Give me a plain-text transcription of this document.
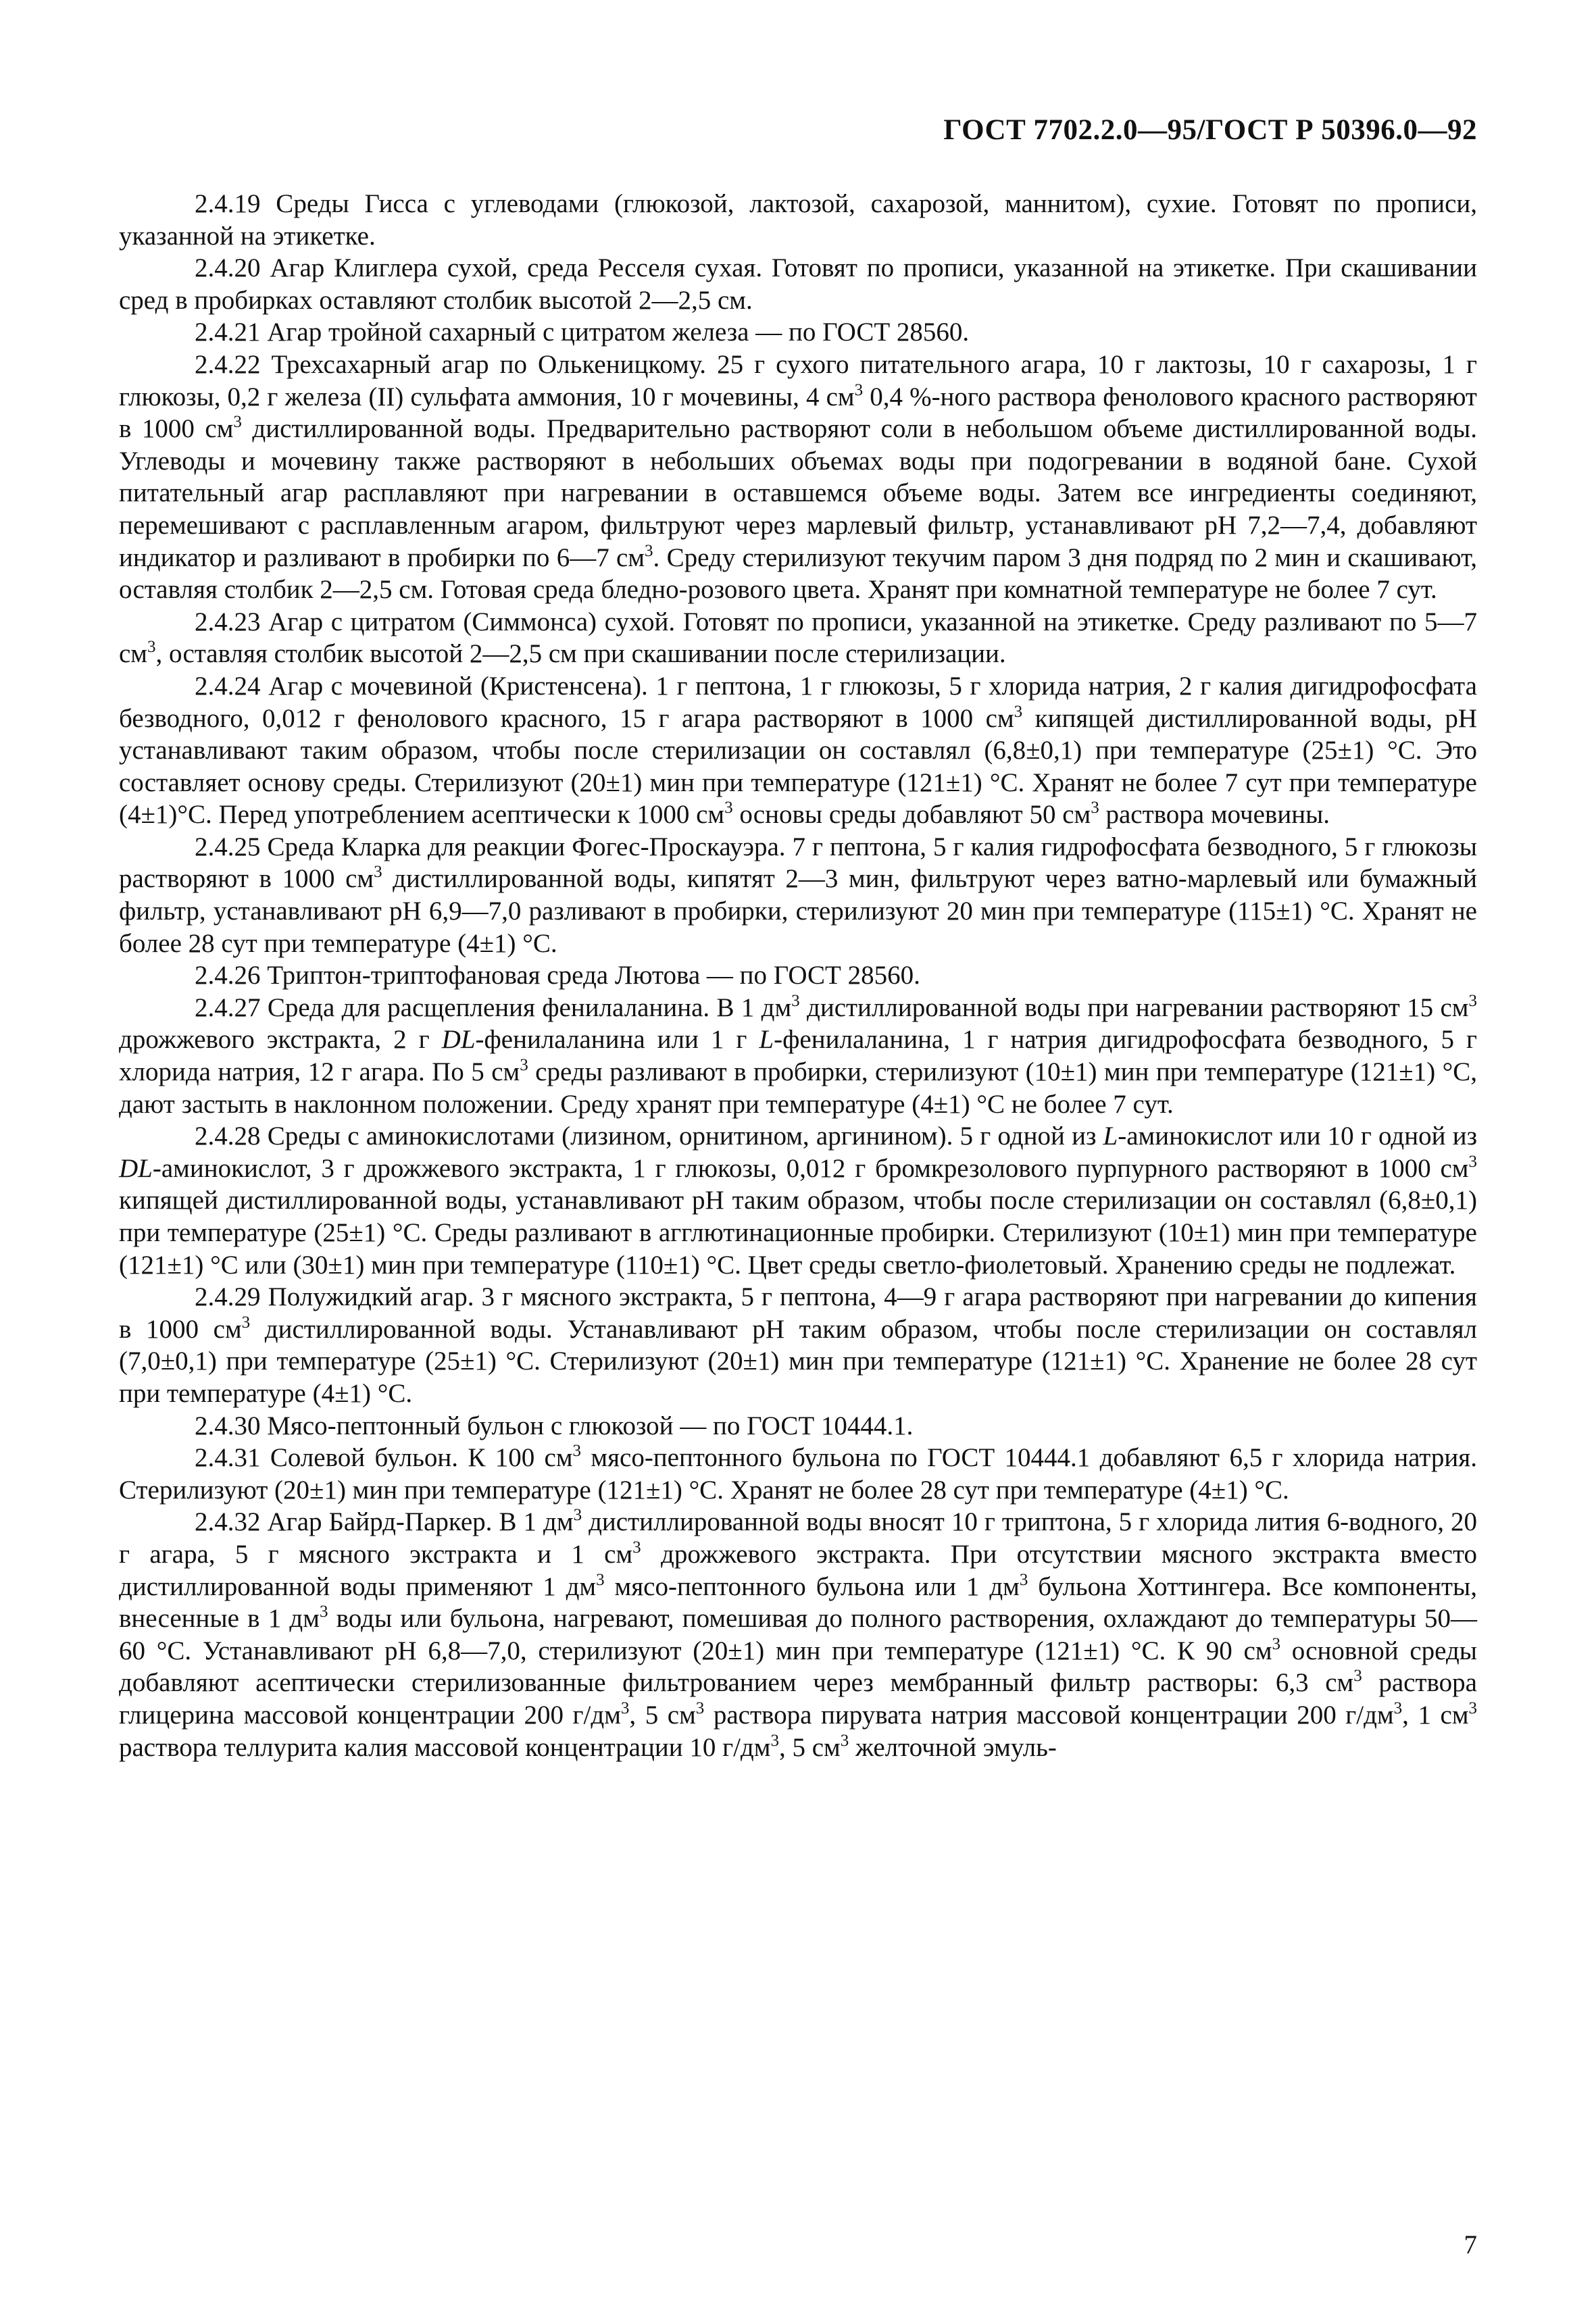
ГОСТ 7702.2.0—95/ГОСТ Р 50396.0—92

2.4.19 Среды Гисса с углеводами (глюкозой, лактозой, сахарозой, маннитом), сухие. Готовят по прописи, указанной на этикетке.

2.4.20 Агар Клиглера сухой, среда Ресселя сухая. Готовят по прописи, указанной на этикетке. При скашивании сред в пробирках оставляют столбик высотой 2—2,5 см.

2.4.21 Агар тройной сахарный с цитратом железа — по ГОСТ 28560.

2.4.22 Трехсахарный агар по Олькеницкому. 25 г сухого питательного агара, 10 г лактозы, 10 г сахарозы, 1 г глюкозы, 0,2 г железа (II) сульфата аммония, 10 г мочевины, 4 $см^3$ 0,4 %-ного раствора фенолового красного растворяют в 1000 $см^3$ дистиллированной воды. Предварительно растворяют соли в небольшом объеме дистиллированной воды. Углеводы и мочевину также растворяют в небольших объемах воды при подогревании в водяной бане. Сухой питательный агар расплавляют при нагревании в оставшемся объеме воды. Затем все ингредиенты соединяют, перемешивают с расплавленным агаром, фильтруют через марлевый фильтр, устанавливают рН 7,2—7,4, добавляют индикатор и разливают в пробирки по 6—7 $см^3$. Среду стерилизуют текучим паром 3 дня подряд по 2 мин и скашивают, оставляя столбик 2—2,5 см. Готовая среда бледно-розового цвета. Хранят при комнатной температуре не более 7 сут.

2.4.23 Агар с цитратом (Симмонса) сухой. Готовят по прописи, указанной на этикетке. Среду разливают по 5—7 $см^3$, оставляя столбик высотой 2—2,5 см при скашивании после стерилизации.

2.4.24 Агар с мочевиной (Кристенсена). 1 г пептона, 1 г глюкозы, 5 г хлорида натрия, 2 г калия дигидрофосфата безводного, 0,012 г фенолового красного, 15 г агара растворяют в 1000 $см^3$ кипящей дистиллированной воды, рН устанавливают таким образом, чтобы после стерилизации он составлял (6,8±0,1) при температуре (25±1) °С. Это составляет основу среды. Стерилизуют (20±1) мин при температуре (121±1) °С. Хранят не более 7 сут при температуре (4±1)°С. Перед употреблением асептически к 1000 $см^3$ основы среды добавляют 50 $см^3$ раствора мочевины.

2.4.25 Среда Кларка для реакции Фогес-Проскауэра. 7 г пептона, 5 г калия гидрофосфата безводного, 5 г глюкозы растворяют в 1000 $см^3$ дистиллированной воды, кипятят 2—3 мин, фильтруют через ватно-марлевый или бумажный фильтр, устанавливают рН 6,9—7,0 разливают в пробирки, стерилизуют 20 мин при температуре (115±1) °С. Хранят не более 28 сут при температуре (4±1) °С.

2.4.26 Триптон-триптофановая среда Лютова — по ГОСТ 28560.

2.4.27 Среда для расщепления фенилаланина. В 1 $дм^3$ дистиллированной воды при нагревании растворяют 15 $см^3$ дрожжевого экстракта, 2 г DL-фенилаланина или 1 г L-фенилаланина, 1 г натрия дигидрофосфата безводного, 5 г хлорида натрия, 12 г агара. По 5 $см^3$ среды разливают в пробирки, стерилизуют (10±1) мин при температуре (121±1) °С, дают застыть в наклонном положении. Среду хранят при температуре (4±1) °С не более 7 сут.

2.4.28 Среды с аминокислотами (лизином, орнитином, аргинином). 5 г одной из L-аминокислот или 10 г одной из DL-аминокислот, 3 г дрожжевого экстракта, 1 г глюкозы, 0,012 г бромкрезолового пурпурного растворяют в 1000 $см^3$ кипящей дистиллированной воды, устанавливают рН таким образом, чтобы после стерилизации он составлял (6,8±0,1) при температуре (25±1) °С. Среды разливают в агглютинационные пробирки. Стерилизуют (10±1) мин при температуре (121±1) °С или (30±1) мин при температуре (110±1) °С. Цвет среды светло-фиолетовый. Хранению среды не подлежат.

2.4.29 Полужидкий агар. 3 г мясного экстракта, 5 г пептона, 4—9 г агара растворяют при нагревании до кипения в 1000 $см^3$ дистиллированной воды. Устанавливают рН таким образом, чтобы после стерилизации он составлял (7,0±0,1) при температуре (25±1) °С. Стерилизуют (20±1) мин при температуре (121±1) °С. Хранение не более 28 сут при температуре (4±1) °С.

2.4.30 Мясо-пептонный бульон с глюкозой — по ГОСТ 10444.1.

2.4.31 Солевой бульон. К 100 $см^3$ мясо-пептонного бульона по ГОСТ 10444.1 добавляют 6,5 г хлорида натрия. Стерилизуют (20±1) мин при температуре (121±1) °С. Хранят не более 28 сут при температуре (4±1) °С.

2.4.32 Агар Байрд-Паркер. В 1 $дм^3$ дистиллированной воды вносят 10 г триптона, 5 г хлорида лития 6-водного, 20 г агара, 5 г мясного экстракта и 1 $см^3$ дрожжевого экстракта. При отсутствии мясного экстракта вместо дистиллированной воды применяют 1 $дм^3$ мясо-пептонного бульона или 1 $дм^3$ бульона Хоттингера. Все компоненты, внесенные в 1 $дм^3$ воды или бульона, нагревают, помешивая до полного растворения, охлаждают до температуры 50—60 °С. Устанавливают рН 6,8—7,0, стерилизуют (20±1) мин при температуре (121±1) °С. К 90 $см^3$ основной среды добавляют асептически стерилизованные фильтрованием через мембранный фильтр растворы: 6,3 $см^3$ раствора глицерина массовой концентрации 200 $г/дм^3$, 5 $см^3$ раствора пирувата натрия массовой концентрации 200 $г/дм^3$, 1 $см^3$ раствора теллурита калия массовой концентрации 10 $г/дм^3$, 5 $см^3$ желточной эмуль-

7
